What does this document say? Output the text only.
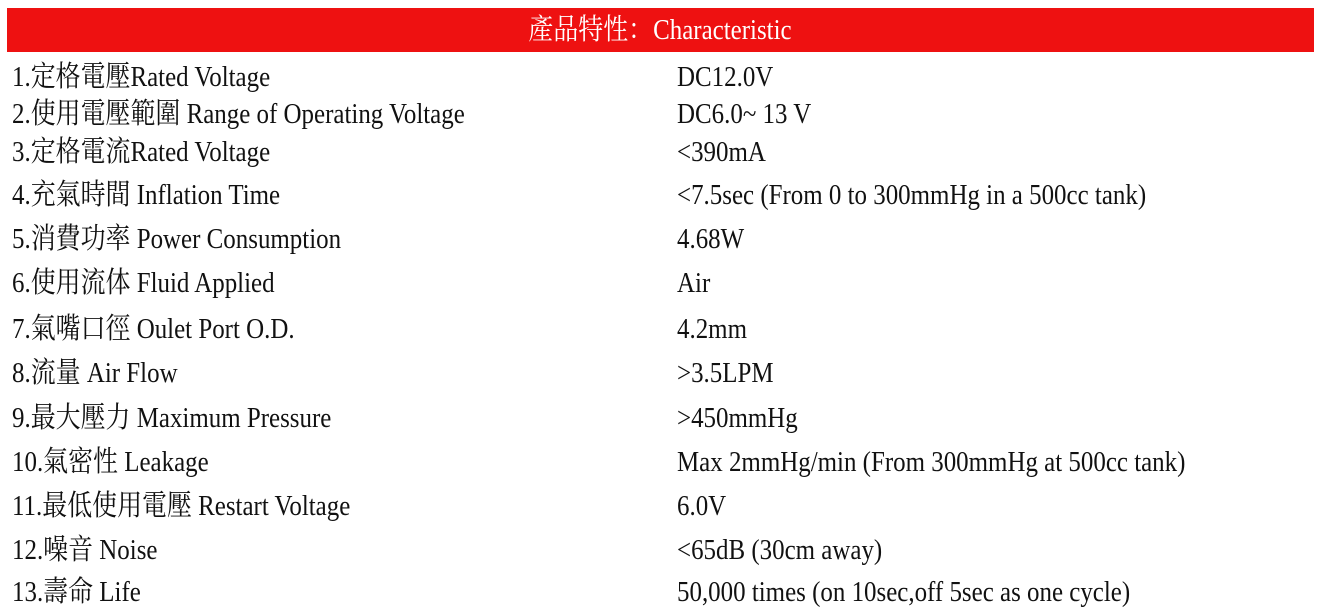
產品特性：Characteristic
1.定格電壓Rated Voltage	DC12.0V
2.使用電壓範圍 Range of Operating Voltage	DC6.0~ 13 V
3.定格電流Rated Voltage	<390mA
4.充氣時間 Inflation Time	<7.5sec (From 0 to 300mmHg in a 500cc tank)
5.消費功率 Power Consumption	4.68W
6.使用流体 Fluid Applied	Air
7.氣嘴口徑 Oulet Port O.D.	4.2mm
8.流量 Air Flow	>3.5LPM
9.最大壓力 Maximum Pressure	>450mmHg
10.氣密性 Leakage	Max 2mmHg/min (From 300mmHg at 500cc tank)
11.最低使用電壓 Restart Voltage	6.0V
12.噪音 Noise	<65dB (30cm away)
13.壽命 Life	50,000 times (on 10sec,off 5sec as one cycle)
